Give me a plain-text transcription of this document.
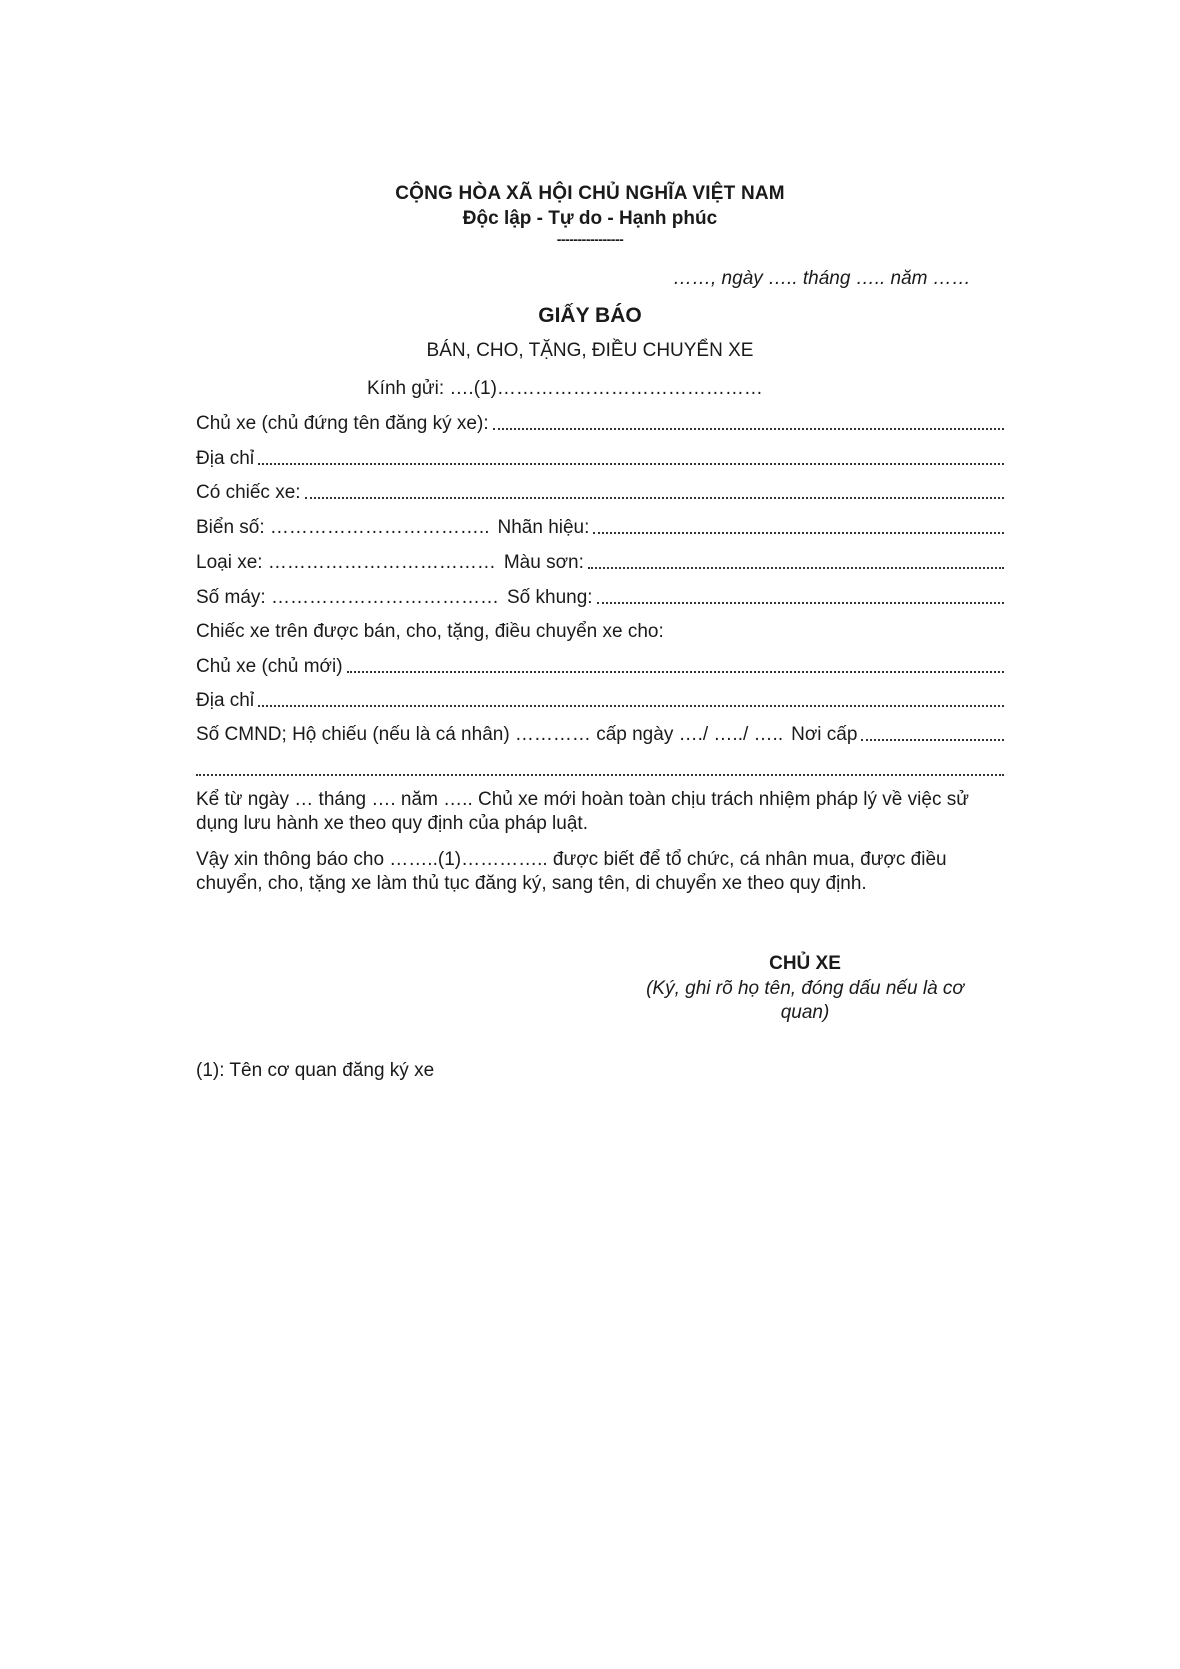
CỘNG HÒA XÃ HỘI CHỦ NGHĨA VIỆT NAM
Độc lập - Tự do - Hạnh phúc
----------------
……, ngày ….. tháng ….. năm ……
GIẤY BÁO
BÁN, CHO, TẶNG, ĐIỀU CHUYỂN XE
Kính gửi: ….(1)……………………………………
Chủ xe (chủ đứng tên đăng ký xe):
Địa chỉ
Có chiếc xe:
Biển số: …………………………….. Nhãn hiệu:
Loại xe: ……………………………… Màu sơn:
Số máy: ……………………………… Số khung:
Chiếc xe trên được bán, cho, tặng, điều chuyển xe cho:
Chủ xe (chủ mới)
Địa chỉ
Số CMND; Hộ chiếu (nếu là cá nhân) ………… cấp ngày …./ …../ ….. Nơi cấp
Kể từ ngày … tháng …. năm ….. Chủ xe mới hoàn toàn chịu trách nhiệm pháp lý về việc sử dụng lưu hành xe theo quy định của pháp luật.
Vậy xin thông báo cho ……..(1)………….. được biết để tổ chức, cá nhân mua, được điều chuyển, cho, tặng xe làm thủ tục đăng ký, sang tên, di chuyển xe theo quy định.
CHỦ XE
(Ký, ghi rõ họ tên, đóng dấu nếu là cơ quan)
(1): Tên cơ quan đăng ký xe
